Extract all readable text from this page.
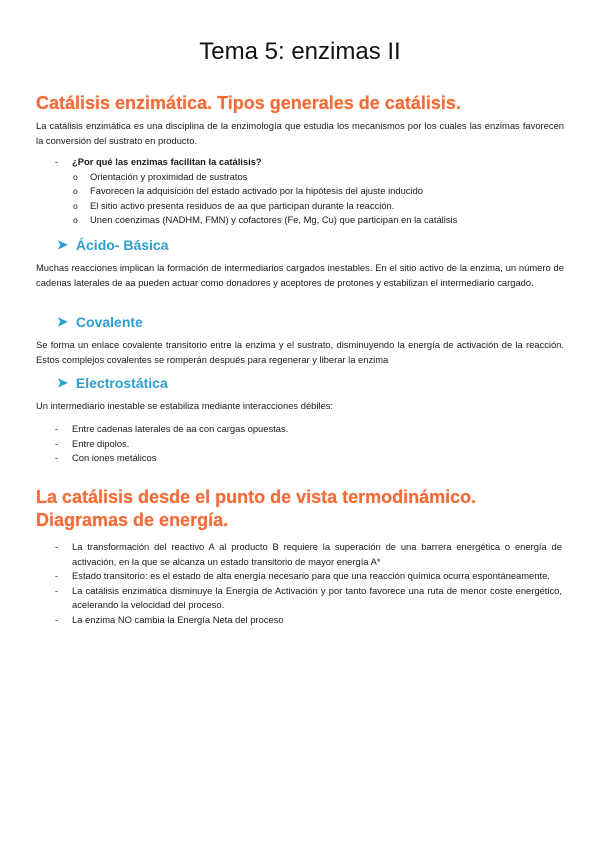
Tema 5: enzimas II
Catálisis enzimática. Tipos generales de catálisis.

La catálisis enzimática es una disciplina de la enzimología que estudia los mecanismos por los cuales las enzimas favorecen la conversión del sustrato en producto.

- ¿Por qué las enzimas facilitan la catálisis?
o Orientación y proximidad de sustratos
o Favorecen la adquisición del estado activado por la hipótesis del ajuste inducido
o El sitio activo presenta residuos de aa que participan durante la reacción.
o Unen coenzimas (NADHM, FMN) y cofactores (Fe, Mg, Cu) que participan en la catálisis
➤ Ácido- Básica

Muchas reacciones implican la formación de intermediarios cargados inestables. En el sitio activo de la enzima, un número de cadenas laterales de aa pueden actuar como donadores y aceptores de protones y estabilizan el intermediario cargado.

➤ Covalente

Se forma un enlace covalente transitorio entre la enzima y el sustrato, disminuyendo la energía de activación de la reacción. Estos complejos covalentes se romperán después para regenerar y liberar la enzima

➤ Electrostática

Un intermediario inestable se estabiliza mediante interacciones débiles:

- Entre cadenas laterales de aa con cargas opuestas.
- Entre dipolos.
- Con iones metálicos
La catálisis desde el punto de vista termodinámico. Diagramas de energía.
- La transformación del reactivo A al producto B requiere la superación de una barrera energética o energía de activación, en la que se alcanza un estado transitorio de mayor energía A*
- Estado transitorio: es el estado de alta energía necesario para que una reacción química ocurra espontáneamente.
- La catálisis enzimática disminuye la Energía de Activación y por tanto favorece una ruta de menor coste energético, acelerando la velocidad del proceso.
- La enzima NO cambia la Energía Neta del proceso
